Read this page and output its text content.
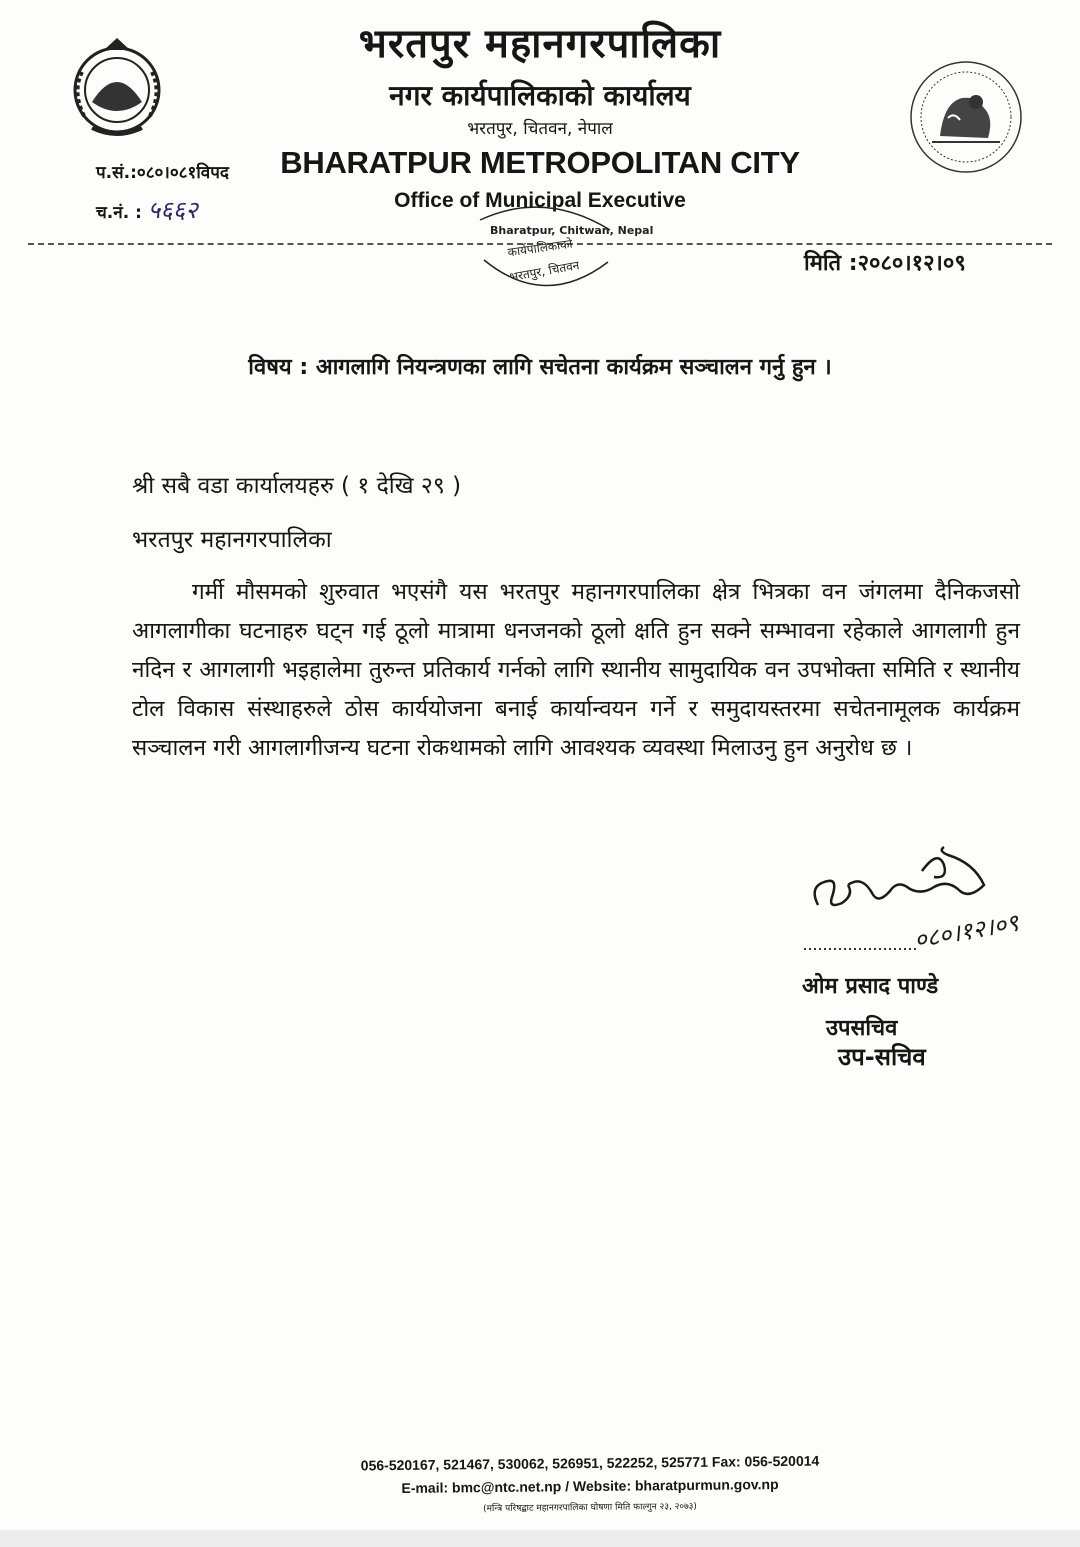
भरतपुर महानगरपालिका
नगर कार्यपालिकाको कार्यालय
भरतपुर, चितवन, नेपाल
BHARATPUR METROPOLITAN CITY
Office of Municipal Executive
प.सं.:०८०।०८१विपद
च.नं. : ५६६२
मिति :२०८०।१२।०९
Bharatpur, Chitwan, Nepal
कार्यपालिकाको
भरतपुर, चितवन
विषय : आगलागि नियन्त्रणका लागि सचेतना कार्यक्रम सञ्चालन गर्नु हुन ।
श्री सबै वडा कार्यालयहरु ( १ देखि २९ )
भरतपुर महानगरपालिका
गर्मी मौसमको शुरुवात भएसंगै यस भरतपुर महानगरपालिका क्षेत्र भित्रका वन जंगलमा दैनिकजसो आगलागीका घटनाहरु घट्न गई ठूलो मात्रामा धनजनको ठूलो क्षति हुन सक्ने सम्भावना रहेकाले आगलागी हुन नदिन र आगलागी भइहालेमा तुरुन्त प्रतिकार्य गर्नको लागि स्थानीय सामुदायिक वन उपभोक्ता समिति र स्थानीय टोल विकास संस्थाहरुले ठोस कार्ययोजना बनाई कार्यान्वयन गर्ने र समुदायस्तरमा सचेतनामूलक कार्यक्रम सञ्चालन गरी आगलागीजन्य घटना रोकथामको लागि आवश्यक व्यवस्था मिलाउनु हुन अनुरोध छ ।
०८०।१२।०९
ओम प्रसाद पाण्डे
उपसचिव
उप-सचिव
056-520167, 521467, 530062, 526951, 522252, 525771 Fax: 056-520014
E-mail: bmc@ntc.net.np / Website: bharatpurmun.gov.np
(मन्त्रि परिषद्बाट महानगरपालिका घोषणा मिति फाल्गुन २३, २०७३)
